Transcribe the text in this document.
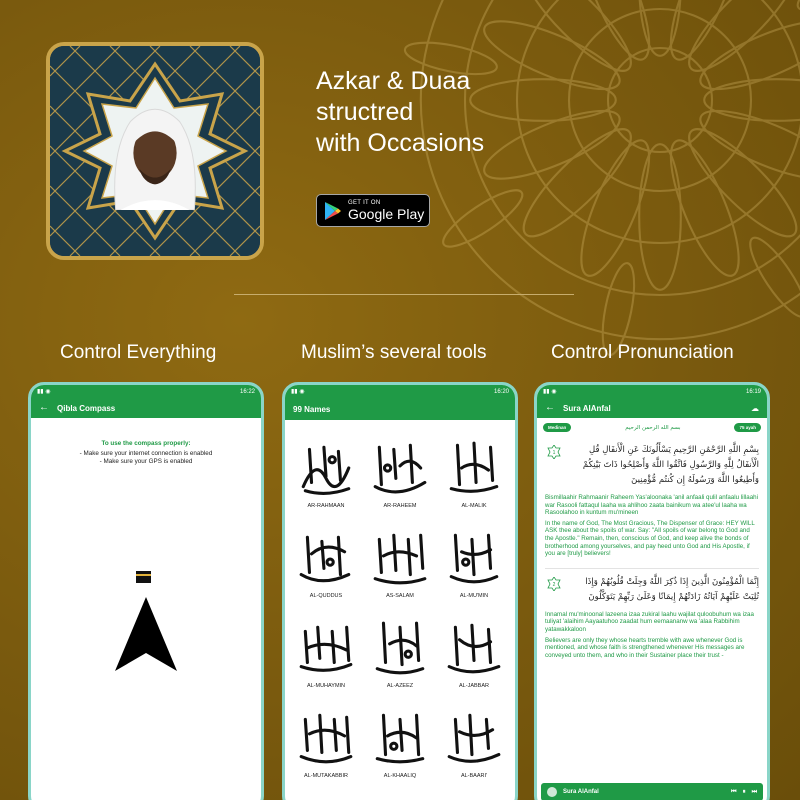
Azkar & Duaa
structred
with Occasions
GET IT ON
Google Play
Control Everything	Muslim’s several tools	Control Pronunciation
▮▮ ◉	16:22
← Qibla Compass
To use the compass properly:
- Make sure your internet connection is enabled
- Make sure your GPS is enabled
▮▮ ◉	16:20
99 Names
AR-RAHMAAN	AR-RAHEEM	AL-MALIK
AL-QUDDUS	AS-SALAM	AL-MU'MIN
AL-MUHAYMIN	AL-AZEEZ	AL-JABBAR
AL-MUTAKABBIR	AL-KHAALIQ	AL-BAARI'
▮▮ ◉	16:19
← Sura AlAnfal	☁
Medinan	بسم الله الرحمن الرحيم	75 ayah
1	بِسْمِ اللَّهِ الرَّحْمَٰنِ الرَّحِيمِ يَسْأَلُونَكَ عَنِ الْأَنفَالِ قُلِ الْأَنفَالُ لِلَّهِ وَالرَّسُولِ فَاتَّقُوا اللَّهَ وَأَصْلِحُوا ذَاتَ بَيْنِكُمْ وَأَطِيعُوا اللَّهَ وَرَسُولَهُ إِن كُنتُم مُّؤْمِنِينَ
Bismillaahir Rahmaanir Raheem Yas'aloonaka 'anil anfaali qulil anfaalu lillaahi war Rasooli fattaqul laaha wa ahlihoo zaata bainikum wa atee'ul laaha wa Rasoolahoo in kuntum mu'mineen
In the name of God, The Most Gracious, The Dispenser of Grace: HEY WILL ASK thee about the spoils of war. Say: "All spoils of war belong to God and the Apostle." Remain, then, conscious of God, and keep alive the bonds of brotherhood among yourselves, and pay heed unto God and His Apostle, if you are [truly] believers!
2	إِنَّمَا الْمُؤْمِنُونَ الَّذِينَ إِذَا ذُكِرَ اللَّهُ وَجِلَتْ قُلُوبُهُمْ وَإِذَا تُلِيَتْ عَلَيْهِمْ آيَاتُهُ زَادَتْهُمْ إِيمَانًا وَعَلَىٰ رَبِّهِمْ يَتَوَكَّلُونَ
Innamal mu'minoonal lazeena izaa zukiral laahu wajilat quloobuhum wa izaa tuliyat 'alaihim Aayaatuhoo zaadat hum eemaananw wa 'alaa Rabbihim yatawakkaloon
Believers are only they whose hearts tremble with awe whenever God is mentioned, and whose faith is strengthened whenever His messages are conveyed unto them, and who in their Sustainer place their trust -
Sura AlAnfal	⏮ ⏸ ⏭
